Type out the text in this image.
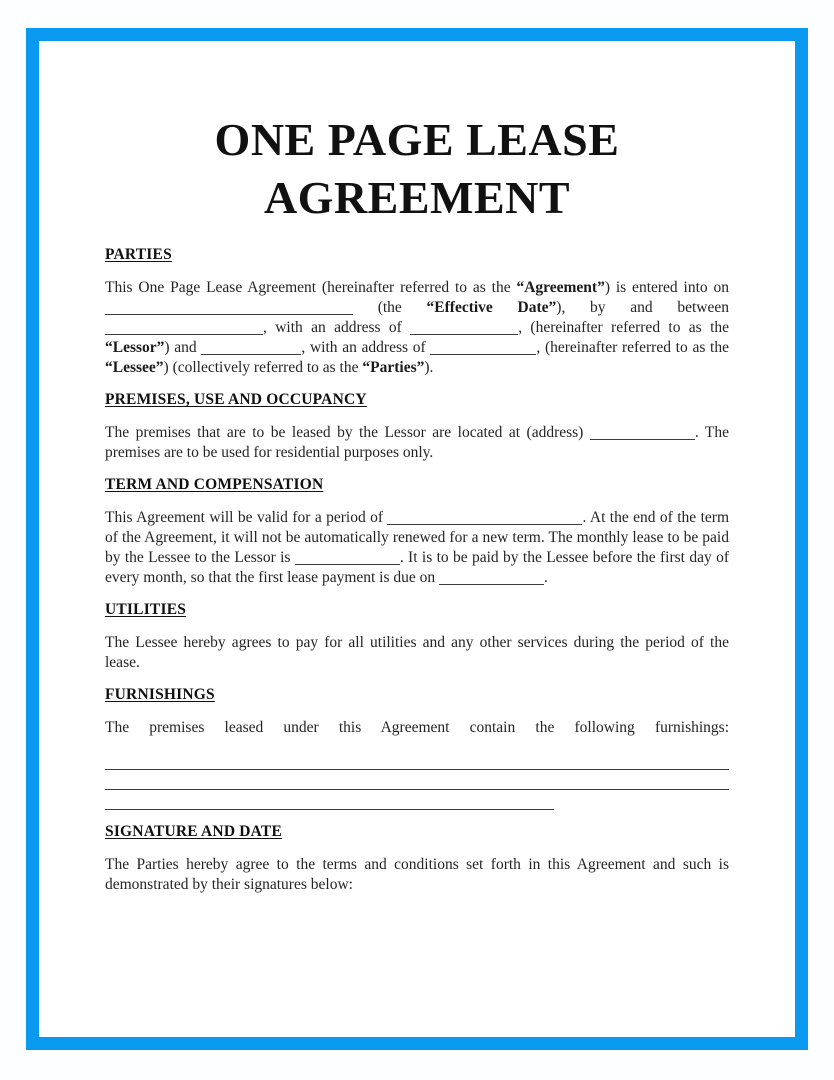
ONE PAGE LEASE AGREEMENT
PARTIES

This One Page Lease Agreement (hereinafter referred to as the “Agreement”) is entered into on  (the “Effective Date”), by and between , with an address of	, (hereinafter referred to as the “Lessor”) and	, with an address of	, (hereinafter referred to as the “Lessee”) (collectively referred to as the “Parties”).

PREMISES, USE AND OCCUPANCY

The premises that are to be leased by the Lessor are located at (address)	. The premises are to be used for residential purposes only.

TERM AND COMPENSATION

This Agreement will be valid for a period of	. At the end of the term of the Agreement, it will not be automatically renewed for a new term. The monthly lease to be paid by the Lessee to the Lessor is	. It is to be paid by the Lessee before the first day of every month, so that the first lease payment is due on	.

UTILITIES

The Lessee hereby agrees to pay for all utilities and any other services during the period of the lease.

FURNISHINGS

The premises leased under this Agreement contain the following furnishings:

SIGNATURE AND DATE

The Parties hereby agree to the terms and conditions set forth in this Agreement and such is demonstrated by their signatures below:
